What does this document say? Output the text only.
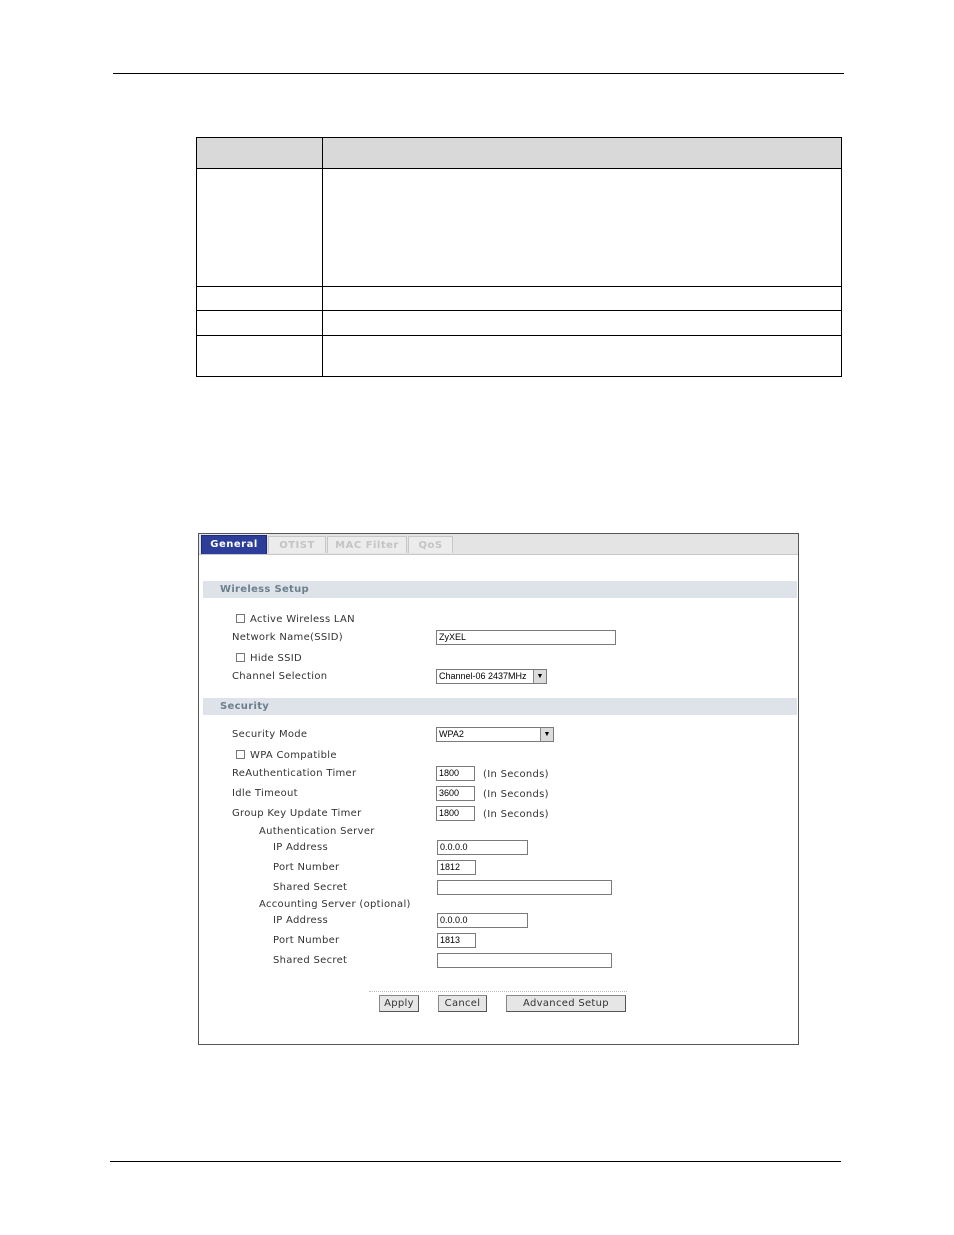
General	OTIST	MAC Filter	QoS
Wireless Setup
Active Wireless LAN
Network Name(SSID)	ZyXEL
Hide SSID
Channel Selection	Channel-06 2437MHz	▼
Security
Security Mode	WPA2	▼
WPA Compatible
ReAuthentication Timer	1800	(In Seconds)
Idle Timeout	3600	(In Seconds)
Group Key Update Timer	1800	(In Seconds)
Authentication Server
IP Address	0.0.0.0
Port Number	1812
Shared Secret
Accounting Server (optional)
IP Address	0.0.0.0
Port Number	1813
Shared Secret
Apply	Cancel	Advanced Setup
